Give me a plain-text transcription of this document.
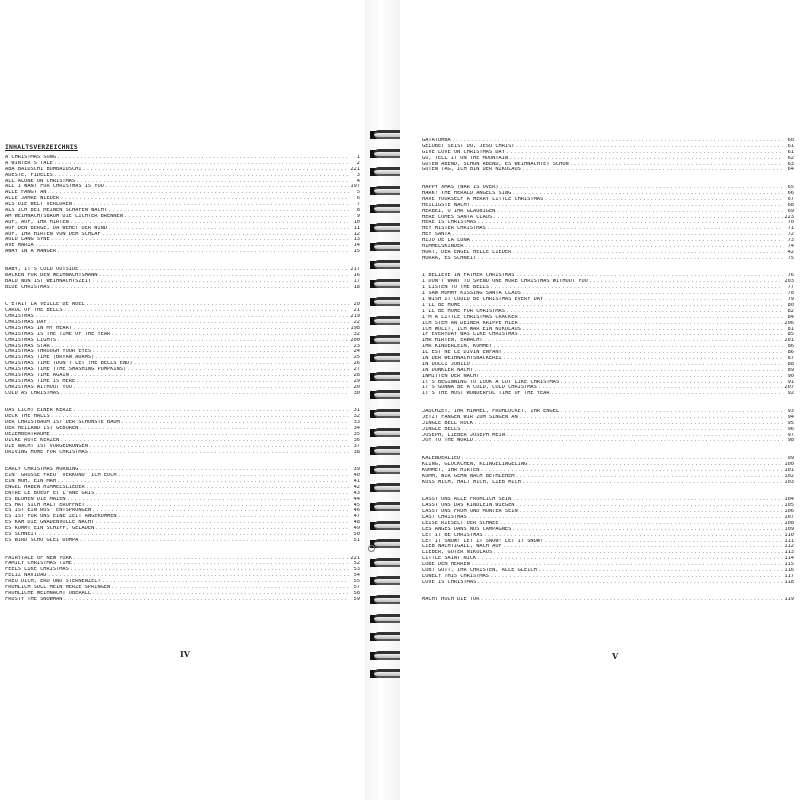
INHALTSVERZEICHNIS
A CHRISTMAS SONG .....	1
A WINTER'S TALE .....	2
ABA BAIDSCHI BUMBAIDSCHI .....	221
ADESTE, FIDELES .....	3
ALL ALONE ON CHRISTMAS .....	4
ALL I WANT FOR CHRISTMAS IS YOU .....	197
ALLE FANGT AN .....	5
ALLE JAHRE WIEDER .....	6
ALS DIE WELT VERLOREN .....	7
ALS ICH BEI MEINEN SCHAFEN WACHT .....	8
AM WEIHNACHTSBAUM DIE LICHTER BRENNEN .....	9
AUF, AUF, IHR HIRTEN .....	10
AUF DEN BERGE, DA WEHET DER WIND .....	11
AUF, IHR HIRTEN VON DEM SCHLAF .....	12
AULD LANG SYNE .....	13
AVE MARIA .....	14
AWAY IN A MANGER .....	15
BABY, IT'S COLD OUTSIDE .....	217
BACKEN FÜR DEN WEIHNACHTSMANN .....	16
BALD NUN IST WEIHNACHTSZEIT .....	17
BLUE CHRISTMAS .....	18
C'ÉTAIT LA VEILLE DE NOËL .....	20
CAROL OF THE BELLS .....	21
CHRISTMAS .....	219
CHRISTMAS DAY .....	22
CHRISTMAS IN MY HEART .....	198
CHRISTMAS IS THE TIME OF THE YEAR .....	32
CHRISTMAS LIGHTS .....	200
CHRISTMAS STAR .....	23
CHRISTMAS THROUGH YOUR EYES .....	24
CHRISTMAS TIME (BRYAN ADAMS) .....	25
CHRISTMAS TIME (DON'T LET THE BELLS END) .....	26
CHRISTMAS TIME (THE SMASHING PUMPKINS) .....	27
CHRISTMAS TIME AGAIN .....	28
CHRISTMAS TIME IS HERE .....	29
CHRISTMAS WITHOUT YOU .....	20
COLD AS CHRISTMAS .....	30
DAS LICHT EINER KERZE .....	31
DECK THE HALLS .....	32
DER CHRISTBAUM IST DER SCHÖNSTE BAUM .....	33
DER HEILAND IST GEBOREN .....	34
DEZEMBERTRÄUME .....	35
DICKE ROTE KERZEN .....	36
DIE NACHT IST VORGEDRUNGEN .....	37
DRIVING HOME FOR CHRISTMAS .....	38
EARLY CHRISTMAS MORNING .....	39
EIN' GROSSE FREU' VERKÜND' ICH EUCH .....	40
EIN MUH, EIN MÄH .....	41
ENGEL HABEN HIMMELSLIEDER .....	42
ENTRE LE BOEUF ET L'ÂNE GRIS .....	43
ES BLÜHEN DIE MAIEN .....	44
ES HAT SICH HALT ERÖFFNET .....	45
ES IST EIN ROS' ENTSPRUNGEN .....	46
ES IST FÜR UNS EINE ZEIT ANGEKOMMEN .....	47
ES KAM DIE GNADENVOLLE NACHT .....	48
ES KOMMT EIN SCHIFF, GELADEN .....	49
ES SCHNEIT .....	50
ES WIRD SCHO GLEI DUMPA .....	51
FAIRYTALE OF NEW YORK .....	221
FAMILY CHRISTMAS TIME .....	52
FEELS LIKE CHRISTMAS .....	53
FELIZ NAVIDAD .....	54
FREU DICH, ERD UND STERNENZELT .....	55
FRÖHLICH SOLL MEIN HERZE SPRINGEN .....	57
FRÖHLICHE WEIHNACHT ÜBERALL .....	58
FROSTY THE SNOWMAN .....	59
IV
GATATUMBA .....	60
GELOBET SEIST DU, JESU CHRIST .....	61
GIVE LOVE ON CHRISTMAS DAY .....	61
GO, TELL IT ON THE MOUNTAIN .....	62
GUTEN ABEND, SCHÖN ABEND, ES WEIHNACHTET SCHON .....	63
GUTEN TAG, ICH BIN DER NIKOLAUS .....	64
HAPPY XMAS (WAR IS OVER) .....	65
HARK! THE HERALD ANGELS SING .....	66
HAVE YOURSELF A MERRY LITTLE CHRISTMAS .....	67
HEILIGSTE NACHT .....	68
HERBEI, O IHR GLÄUBIGEN .....	69
HERE COMES SANTA CLAUS .....	223
HERE IS CHRISTMAS .....	70
HEY MISTER CHRISTMAS .....	71
HEY SANTA .....	72
HIJO DE LA LUNA .....	73
HIMMELSKINDER .....	74
HÖRT, DER ENGEL HELLE LIEDER .....	42
HORRA, ES SCHNEIT .....	75
I BELIEVE IN FATHER CHRISTMAS .....	76
I DON'T WANT TO SPEND ONE MORE CHRISTMAS WITHOUT YOU .....	203
I LISTEN TO THE BELLS .....	77
I SAW MOMMY KISSING SANTA CLAUS .....	78
I WISH IT COULD BE CHRISTMAS EVERY DAY .....	79
I'LL BE HOME .....	80
I'LL BE HOME FOR CHRISTMAS .....	82
I'M A LITTLE CHRISTMAS CRACKER .....	84
ICH STEH AN DEINER KRIPPE HIER .....	206
ICH WOLLT, ICH WÄR EIN NIKOLAUS .....	81
IF EVERYDAY WAS LIKE CHRISTMAS .....	85
IHR HIRTEN, ERWACHT .....	201
IHR KINDERLEIN, KOMMET .....	86
IL EST NÉ LE DIVIN ENFANT .....	86
IN DER WEIHNACHTSBÄCKEREI .....	87
IN DULCI JUBILO .....	88
IN DUNKLER NACHT .....	89
INMITTEN DER NACHT .....	90
IT'S BEGINNING TO LOOK A LOT LIKE CHRISTMAS .....	91
IT'S GONNA BE A COLD, COLD CHRISTMAS .....	207
IT'S THE MOST WONDERFUL TIME OF THE YEAR .....	92
JAUCHZET, IHR HIMMEL, FROHLOCKET, IHR ENGEL .....	93
JETZT FANGEN WIR ZUM SINGEN AN .....	94
JINGLE BELL ROCK .....	95
JINGLE BELLS .....	96
JOSEPH, LIEBER JOSEPH MEIN .....	97
JOY TO THE WORLD .....	98
KALENDERLIED .....	99
KLING, GLÖCKCHEN, KLINGELINGELING .....	100
KOMMET, IHR HIRTEN .....	101
KOMM, WIR GEHN NACH BETHLEHEM .....	102
KÜSS MICH, HALT MICH, LIEB MICH .....	103
LASST UNS ALLE FRÖHLICH SEIN .....	104
LASST UNS DAS KINDLEIN WIEGEN .....	105
LASST UNS FROH UND MUNTER SEIN .....	106
LAST CHRISTMAS .....	107
LEISE RIESELT DER SCHNEE .....	108
LES ANGES DANS NOS CAMPAGNES .....	109
LET IT BE CHRISTMAS .....	110
LET IT SNOW! LET IT SNOW! LET IT SNOW! .....	111
LIEB NACHTIGALL, WACH AUF .....	112
LIEBER, GUTER NIKOLAUS .....	113
LITTLE SAINT NICK .....	114
LOBE DEN HERREN .....	115
LOBT GOTT, IHR CHRISTEN, ALLE GLEICH .....	116
LONELY THIS CHRISTMAS .....	117
LOVE IS CHRISTMAS .....	118
MACHT HOCH DIE TÜR .....	119
V
